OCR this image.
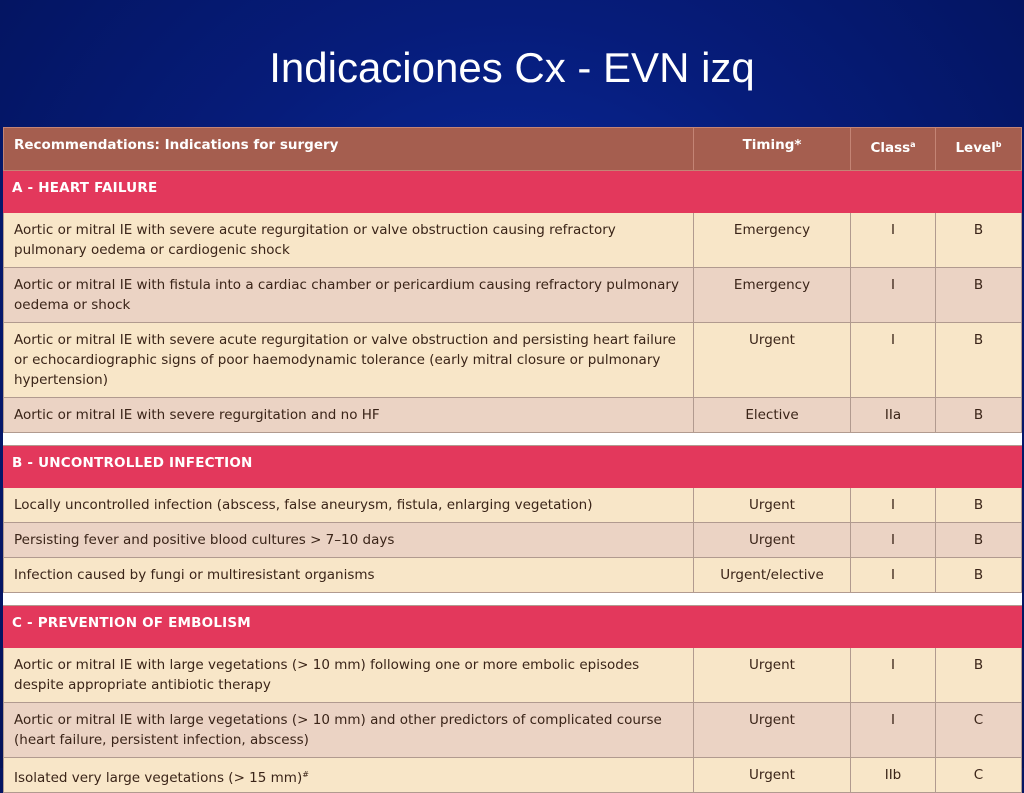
Indicaciones Cx - EVN izq
Recommendations: Indications for surgery	Timing*	Class$^a$	Level$^b$
A - HEART FAILURE			
Aortic or mitral IE with severe acute regurgitation or valve obstruction causing refractory pulmonary oedema or cardiogenic shock	Emergency	I	B
Aortic or mitral IE with fistula into a cardiac chamber or pericardium causing refractory pulmonary oedema or shock	Emergency	I	B
Aortic or mitral IE with severe acute regurgitation or valve obstruction and persisting heart failure or echocardiographic signs of poor haemodynamic tolerance (early mitral closure or pulmonary hypertension)	Urgent	I	B
Aortic or mitral IE with severe regurgitation and no HF	Elective	IIa	B

B - UNCONTROLLED INFECTION			
Locally uncontrolled infection (abscess, false aneurysm, fistula, enlarging vegetation)	Urgent	I	B
Persisting fever and positive blood cultures > 7–10 days	Urgent	I	B
Infection caused by fungi or multiresistant organisms	Urgent/elective	I	B

C - PREVENTION OF EMBOLISM			
Aortic or mitral IE with large vegetations (> 10 mm) following one or more embolic episodes despite appropriate antibiotic therapy	Urgent	I	B
Aortic or mitral IE with large vegetations (> 10 mm) and other predictors of complicated course (heart failure, persistent infection, abscess)	Urgent	I	C
Isolated very large vegetations (> 15 mm)#	Urgent	IIb	C
